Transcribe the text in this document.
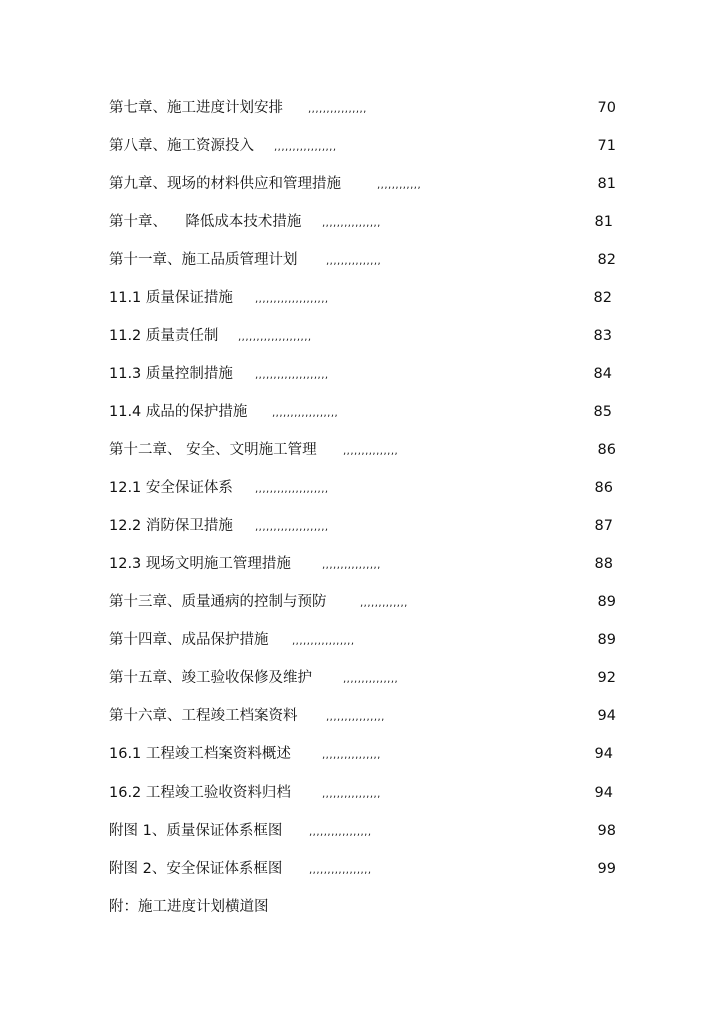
第七章、施工进度计划安排	,,,,,,,,,,,,,,,,	70
第八章、施工资源投入 ,,,,,,,,,,,,,,,,,	71
第九章、现场的材料供应和管理措施	,,,,,,,,,,,,	81
第十章、    降低成本技术措施 ,,,,,,,,,,,,,,,,	81
第十一章、施工品质管理计划	,,,,,,,,,,,,,,,	82
11.1 质量保证措施 ,,,,,,,,,,,,,,,,,,,,	82
11.2 质量责任制 ,,,,,,,,,,,,,,,,,,,,	83
11.3 质量控制措施 ,,,,,,,,,,,,,,,,,,,,	84
11.4 成品的保护措施 ,,,,,,,,,,,,,,,,,,	85
第十二章、 安全、文明施工管理	,,,,,,,,,,,,,,,	86
12.1 安全保证体系 ,,,,,,,,,,,,,,,,,,,,	86
12.2 消防保卫措施 ,,,,,,,,,,,,,,,,,,,,	87
12.3 现场文明施工管理措施	,,,,,,,,,,,,,,,,	88
第十三章、质量通病的控制与预防	,,,,,,,,,,,,,	89
第十四章、成品保护措施 ,,,,,,,,,,,,,,,,,	89
第十五章、竣工验收保修及维护	,,,,,,,,,,,,,,,	92
第十六章、工程竣工档案资料	,,,,,,,,,,,,,,,,	94
16.1 工程竣工档案资料概述	,,,,,,,,,,,,,,,,	94
16.2 工程竣工验收资料归档	,,,,,,,,,,,,,,,,	94
附图 1、质量保证体系框图	,,,,,,,,,,,,,,,,,	98
附图 2、安全保证体系框图	,,,,,,,,,,,,,,,,,	99
附：施工进度计划横道图
